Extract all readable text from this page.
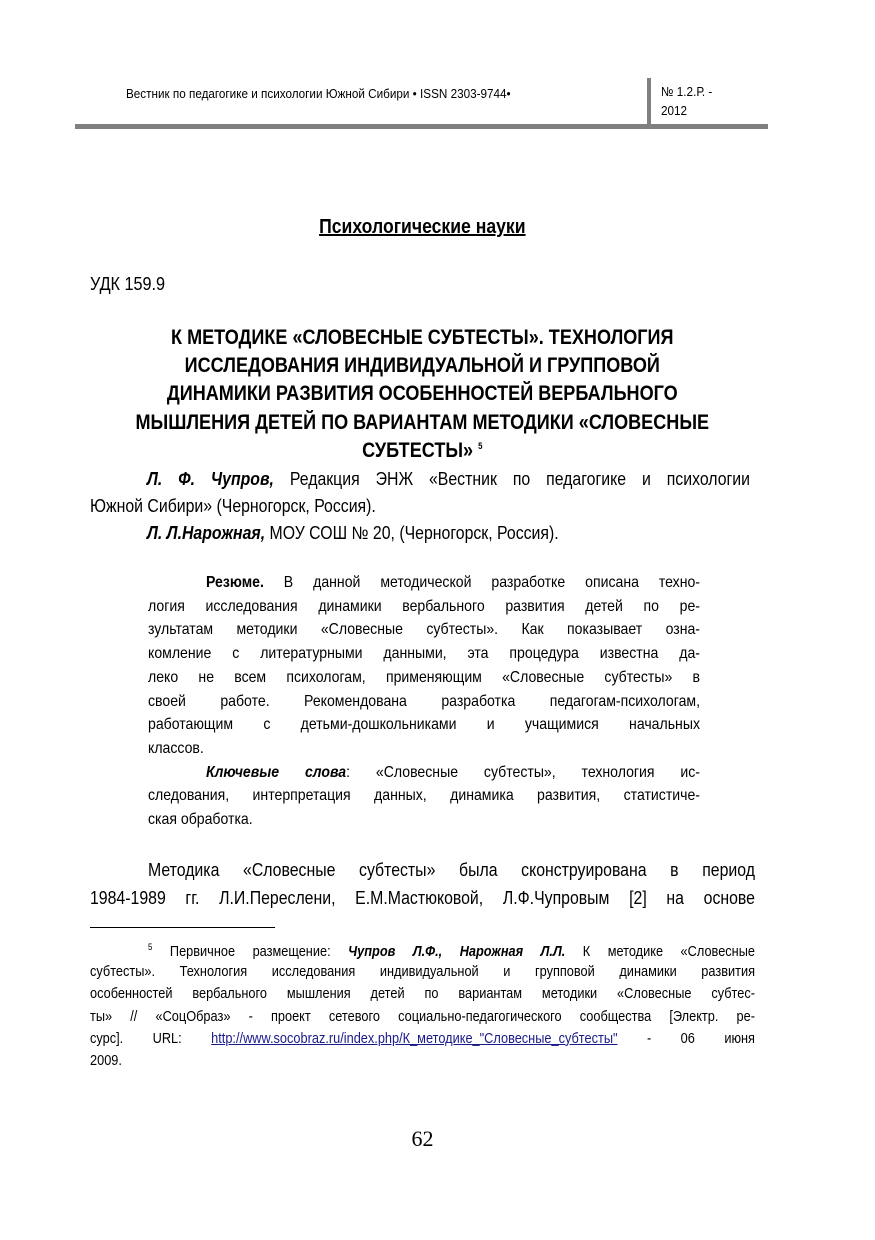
Вестник по педагогике и психологии Южной Сибири • ISSN 2303-9744•	№ 1.2.Р. -
2012
Психологические науки
УДК 159.9
К МЕТОДИКЕ «СЛОВЕСНЫЕ СУБТЕСТЫ». ТЕХНОЛОГИЯ
ИССЛЕДОВАНИЯ ИНДИВИДУАЛЬНОЙ И ГРУППОВОЙ
ДИНАМИКИ РАЗВИТИЯ ОСОБЕННОСТЕЙ ВЕРБАЛЬНОГО
МЫШЛЕНИЯ ДЕТЕЙ ПО ВАРИАНТАМ МЕТОДИКИ «СЛОВЕСНЫЕ
СУБТЕСТЫ» $^5$
Л. Ф. Чупров, Редакция ЭНЖ «Вестник по педагогике и психологии
Южной Сибири» (Черногорск, Россия).
Л. Л.Нарожная, МОУ СОШ № 20, (Черногорск, Россия).
Резюме. В данной методической разработке описана техно-
логия исследования динамики вербального развития детей по ре-
зультатам методики «Словесные субтесты». Как показывает озна-
комление с литературными данными, эта процедура известна да-
леко не всем психологам, применяющим «Словесные субтесты» в
своей работе. Рекомендована разработка педагогам-психологам,
работающим с детьми-дошкольниками и учащимися начальных
классов.
Ключевые слова: «Словесные субтесты», технология ис-
следования, интерпретация данных, динамика развития, статистиче-
ская обработка.
Методика «Словесные субтесты» была сконструирована в период
1984-1989 гг. Л.И.Переслени, Е.М.Мастюковой, Л.Ф.Чупровым [2] на основе
$^5$ Первичное размещение: Чупров Л.Ф., Нарожная Л.Л. К методике «Словесные
субтесты». Технология исследования индивидуальной и групповой динамики развития
особенностей вербального мышления детей по вариантам методики «Словесные субтес-
ты» // «СоцОбраз» - проект сетевого социально-педагогического сообщества [Электр. ре-
сурс]. URL: http://www.socobraz.ru/index.php/К_методике_"Словесные_субтесты" - 06 июня
2009.
62
